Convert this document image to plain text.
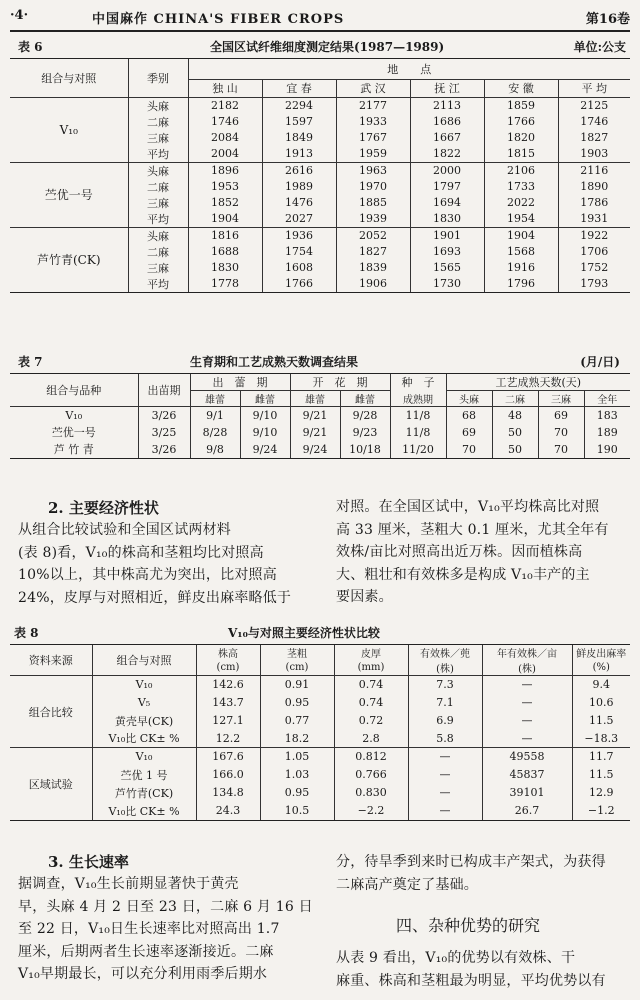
·4·	中国麻作 CHINA'S FIBER CROPS	第16卷
表 6	全国区试纤维细度测定结果(1987—1989)	单位:公支
组合与对照	季别	地　　点					
		独 山	宜 春	武 汉	抚 江	安 徽	平 均
V₁₀	头麻	2182	2294	2177	2113	1859	2125
	二麻	1746	1597	1933	1686	1766	1746
	三麻	2084	1849	1767	1667	1820	1827
	平均	2004	1913	1959	1822	1815	1903
苎优一号	头麻	1896	2616	1963	2000	2106	2116
	二麻	1953	1989	1970	1797	1733	1890
	三麻	1852	1476	1885	1694	2022	1786
	平均	1904	2027	1939	1830	1954	1931
芦竹青(CK)	头麻	1816	1936	2052	1901	1904	1922
	二麻	1688	1754	1827	1693	1568	1706
	三麻	1830	1608	1839	1565	1916	1752
	平均	1778	1766	1906	1730	1796	1793
表 7	生育期和工艺成熟天数调查结果	(月/日)
组合与品种	出苗期	出　蕾　期		开　花　期		种　子	工艺成熟天数(天)			
		雄蕾	雌蕾	雄蕾	雌蕾	成熟期	头麻	二麻	三麻	全年
V₁₀	3/26	9/1	9/10	9/21	9/28	11/8	68	48	69	183
苎优一号	3/25	8/28	9/10	9/21	9/23	11/8	69	50	70	189
芦 竹 青	3/26	9/8	9/24	9/24	10/18	11/20	70	50	70	190
2. 主要经济性状
从组合比较试验和全国区试两材料
(表 8)看，V₁₀的株高和茎粗均比对照高
10%以上，其中株高尤为突出，比对照高
24%，皮厚与对照相近，鲜皮出麻率略低于
对照。在全国区试中，V₁₀平均株高比对照
高 33 厘米，茎粗大 0.1 厘米，尤其全年有
效株/亩比对照高出近万株。因而植株高
大、粗壮和有效株多是构成 V₁₀丰产的主
要因素。
表 8	V₁₀与对照主要经济性状比较
资料来源	组合与对照	株高	茎粗	皮厚	有效株／蔸	年有效株／亩	鲜皮出麻率
		(cm)	(cm)	(mm)	(株)	(株)	(%)
组合比较	V₁₀	142.6	0.91	0.74	7.3	—	9.4
	V₅	143.7	0.95	0.74	7.1	—	10.6
	黄壳早(CK)	127.1	0.77	0.72	6.9	—	11.5
	V₁₀比 CK± %	12.2	18.2	2.8	5.8	—	−18.3
区域试验	V₁₀	167.6	1.05	0.812	—	49558	11.7
	苎优 1 号	166.0	1.03	0.766	—	45837	11.5
	芦竹青(CK)	134.8	0.95	0.830	—	39101	12.9
	V₁₀比 CK± %	24.3	10.5	−2.2	—	26.7	−1.2
3. 生长速率
据调查，V₁₀生长前期显著快于黄壳
早，头麻 4 月 2 日至 23 日，二麻 6 月 16 日
至 22 日，V₁₀日生长速率比对照高出 1.7
厘米，后期两者生长速率逐渐接近。二麻
V₁₀早期最长，可以充分利用雨季后期水
分，待旱季到来时已构成丰产架式，为获得
二麻高产奠定了基础。
四、杂种优势的研究
从表 9 看出，V₁₀的优势以有效株、干
麻重、株高和茎粗最为明显，平均优势以有
